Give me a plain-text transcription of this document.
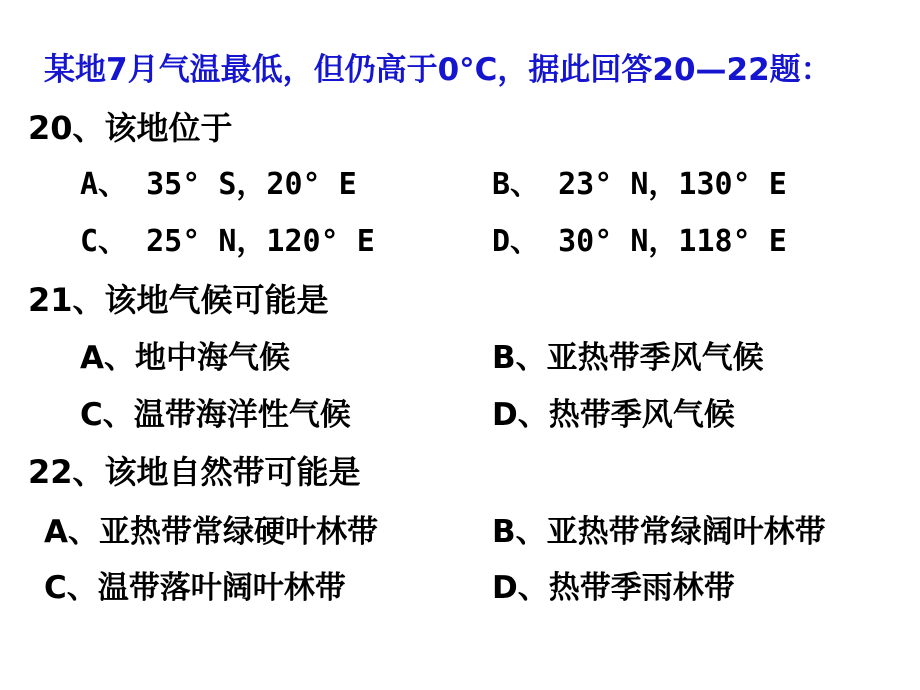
某地7月气温最低，但仍高于0°C，据此回答20—22题：
20、该地位于
A、 35° S，20° E	B、 23° N，130° E
C、 25° N，120° E	D、 30° N，118° E
21、该地气候可能是
A、地中海气候	B、亚热带季风气候
C、温带海洋性气候	D、热带季风气候
22、该地自然带可能是
A、亚热带常绿硬叶林带	B、亚热带常绿阔叶林带
C、温带落叶阔叶林带	D、热带季雨林带
